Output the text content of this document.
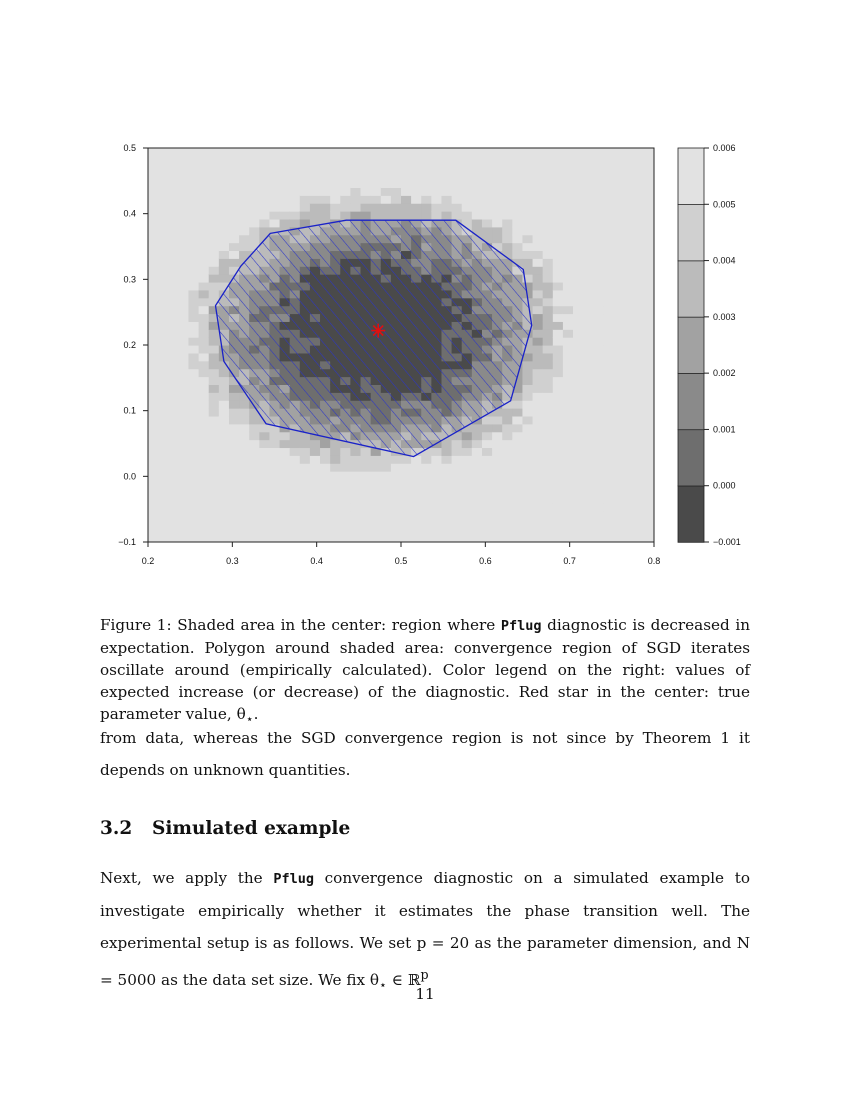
0.2	0.3	0.4	0.5	0.6	0.7	0.8
−0.1
0.0
0.1
0.2
0.3
0.4
0.5	0.006
0.005
0.004
0.003
0.002
0.001
0.000
−0.001
Figure 1: Shaded area in the center: region where Pflug diagnostic is decreased in expectation. Polygon around shaded area: convergence region of SGD iterates oscillate around (empirically calculated). Color legend on the right: values of expected increase (or decrease) of the diagnostic. Red star in the center: true parameter value, $\theta_⋆$.
from data, whereas the SGD convergence region is not since by Theorem 1 it depends on unknown quantities.
3.2 Simulated example
Next, we apply the Pflug convergence diagnostic on a simulated example to investigate empirically whether it estimates the phase transition well. The experimental setup is as follows. We set p = 20 as the parameter dimension, and N = 5000 as the data set size. We fix $\theta_⋆$ ∈ ℝ$^p$
11
